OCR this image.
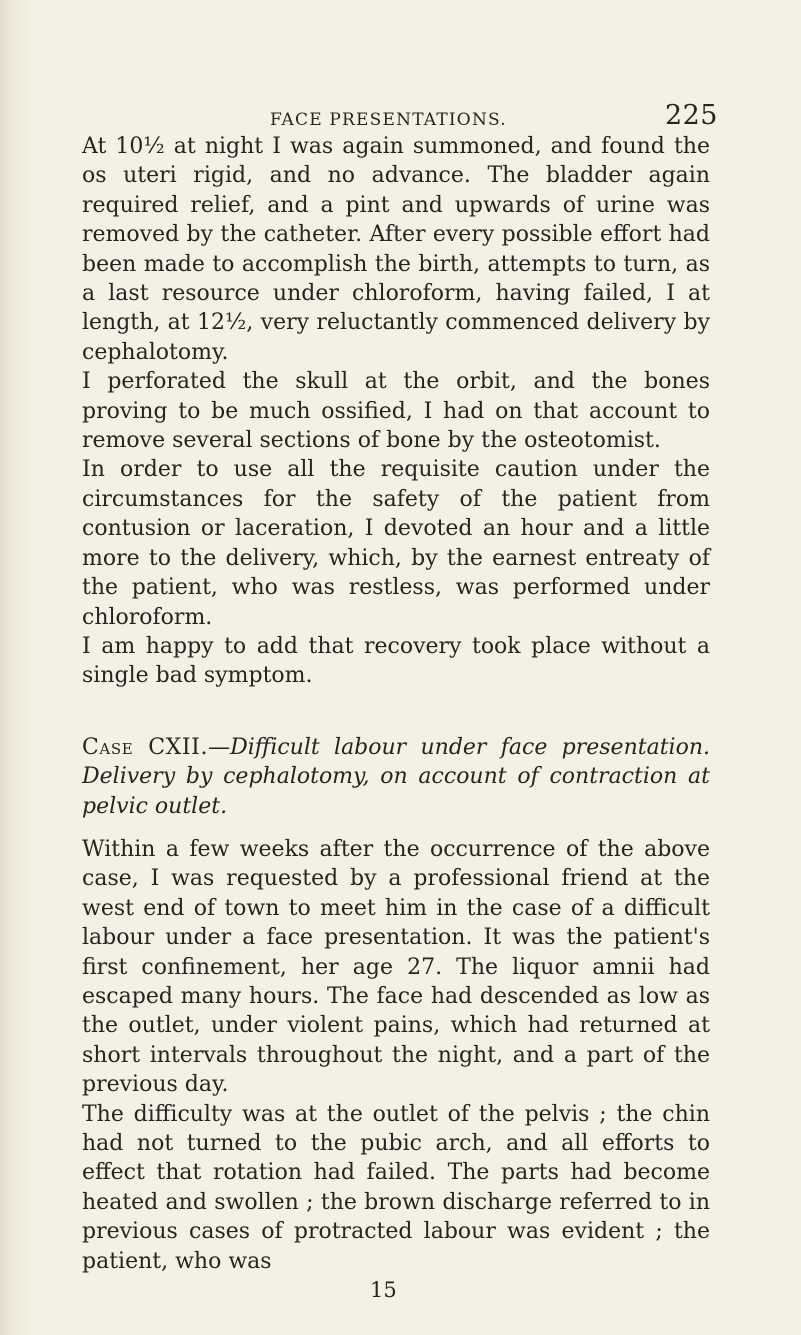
FACE PRESENTATIONS.	225

At 10½ at night I was again summoned, and found the os uteri rigid, and no advance. The bladder again required relief, and a pint and upwards of urine was removed by the catheter. After every possible effort had been made to accomplish the birth, attempts to turn, as a last resource under chloroform, having failed, I at length, at 12½, very reluctantly commenced delivery by cephalotomy.

I perforated the skull at the orbit, and the bones proving to be much ossified, I had on that account to remove several sections of bone by the osteotomist.

In order to use all the requisite caution under the circumstances for the safety of the patient from contusion or laceration, I devoted an hour and a little more to the delivery, which, by the earnest entreaty of the patient, who was restless, was performed under chloroform.

I am happy to add that recovery took place without a single bad symptom.

Case CXII.—Difficult labour under face presentation. Delivery by cephalotomy, on account of contraction at pelvic outlet.

Within a few weeks after the occurrence of the above case, I was requested by a professional friend at the west end of town to meet him in the case of a difficult labour under a face presentation. It was the patient's first confinement, her age 27. The liquor amnii had escaped many hours. The face had descended as low as the outlet, under violent pains, which had returned at short intervals throughout the night, and a part of the previous day.

The difficulty was at the outlet of the pelvis ; the chin had not turned to the pubic arch, and all efforts to effect that rotation had failed. The parts had become heated and swollen ; the brown discharge referred to in previous cases of protracted labour was evident ; the patient, who was

15
